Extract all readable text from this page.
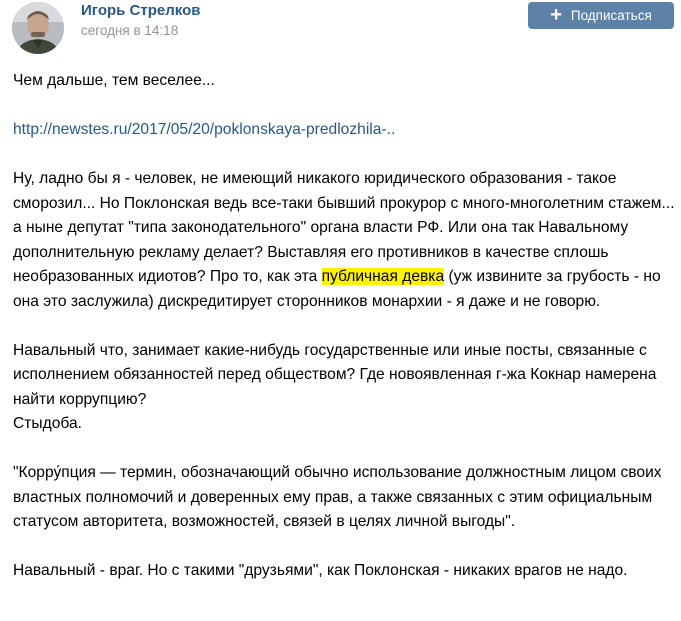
Игорь Стрелков
сегодня в 14:18
+ Подписаться

Чем дальше, тем веселее...

http://newstes.ru/2017/05/20/poklonskaya-predlozhila-..

Ну, ладно бы я - человек, не имеющий никакого юридического образования - такое сморозил... Но Поклонская ведь все-таки бывший прокурор с много-многолетним стажем... а ныне депутат "типа законодательного" органа власти РФ. Или она так Навальному дополнительную рекламу делает? Выставляя его противников в качестве сплошь необразованных идиотов? Про то, как эта публичная девка (уж извините за грубость - но она это заслужила) дискредитирует сторонников монархии - я даже и не говорю.

Навальный что, занимает какие-нибудь государственные или иные посты, связанные с исполнением обязанностей перед обществом? Где новоявленная г-жа Кокнар намерена найти коррупцию?

Стыдоба.

"Корру́пция — термин, обозначающий обычно использование должностным лицом своих властных полномочий и доверенных ему прав, а также связанных с этим официальным статусом авторитета, возможностей, связей в целях личной выгоды".

Навальный - враг. Но с такими "друзьями", как Поклонская - никаких врагов не надо.
